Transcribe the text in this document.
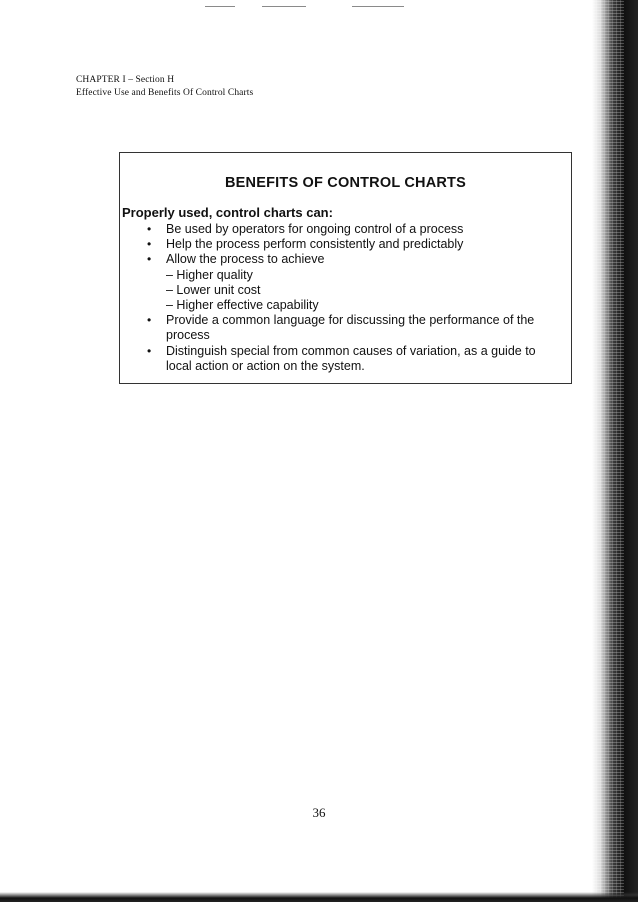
CHAPTER I – Section H
Effective Use and Benefits Of Control Charts
BENEFITS OF CONTROL CHARTS
Properly used, control charts can:
• Be used by operators for ongoing control of a process
• Help the process perform consistently and predictably
• Allow the process to achieve
– Higher quality
– Lower unit cost
– Higher effective capability
• Provide a common language for discussing the performance of the
process
• Distinguish special from common causes of variation, as a guide to
local action or action on the system.
36
